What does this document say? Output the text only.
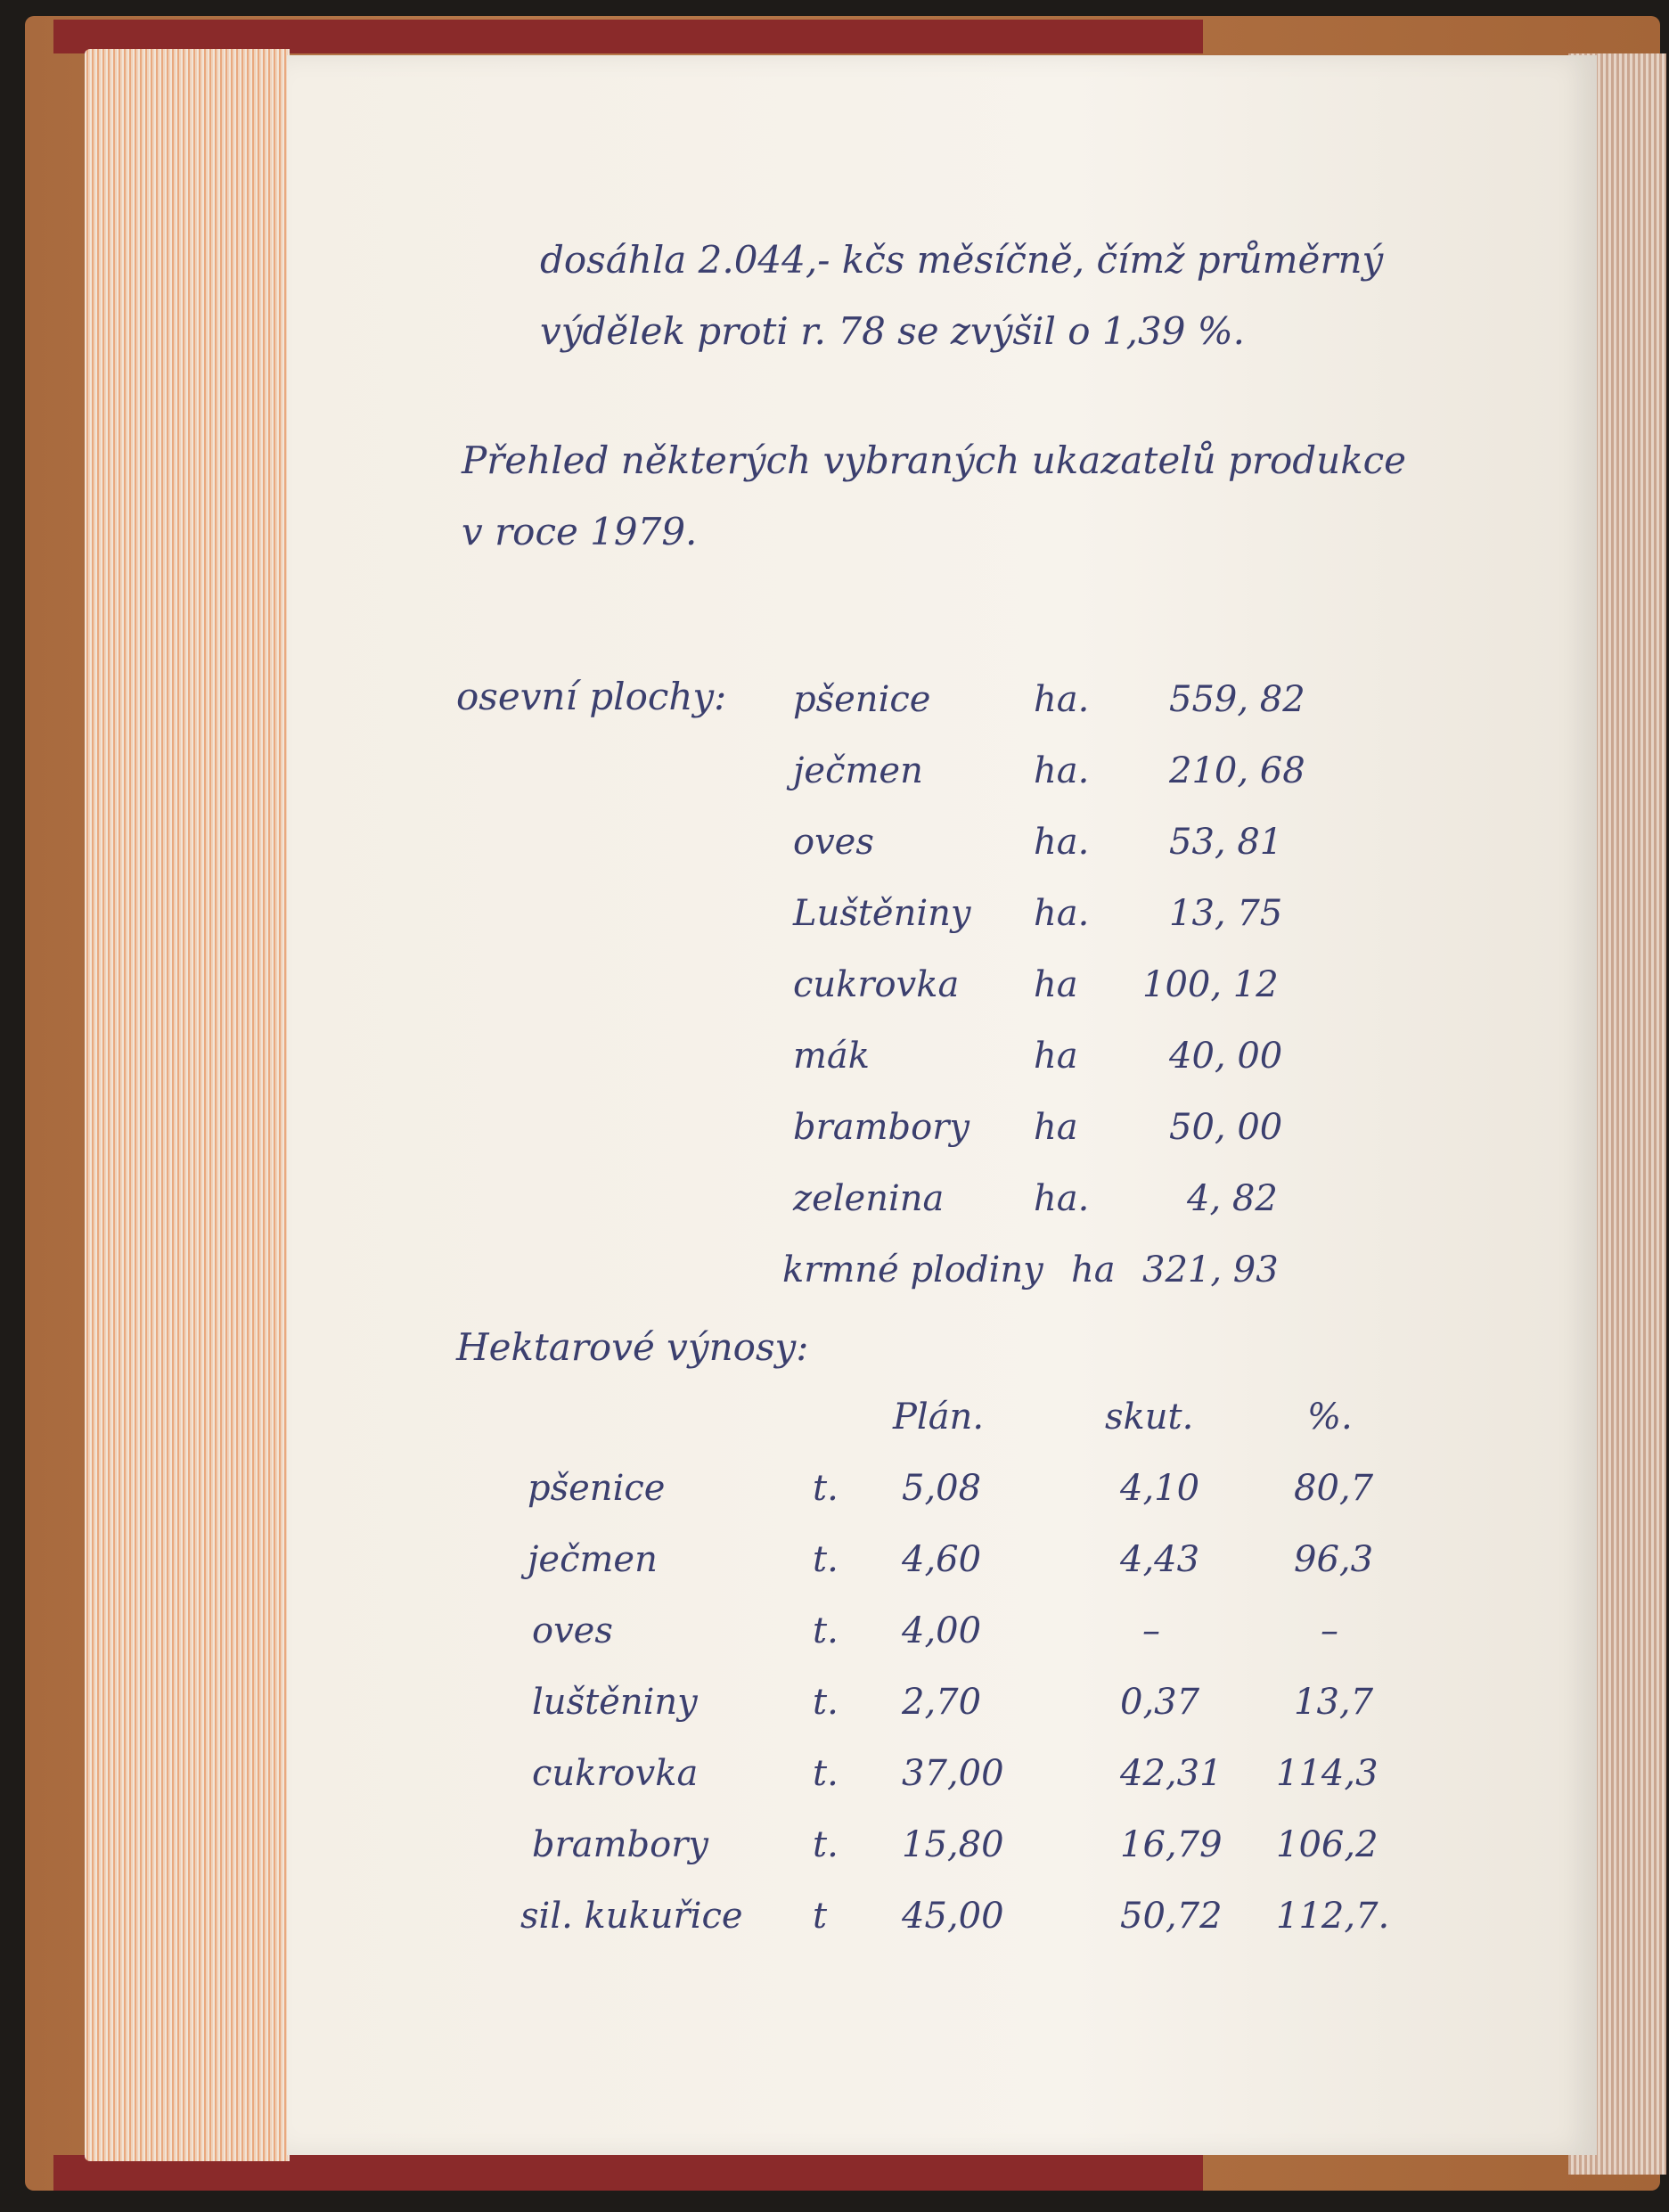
dosáhla 2.044,- kčs měsíčně, čímž průměrný
výdělek proti r. 78 se zvýšil o 1,39 %.
Přehled některých vybraných ukazatelů produkce
v roce 1979.
osevní plochy: pšenice	ha. 559, 82
ječmen	ha. 210, 68
oves	ha. 53, 81
Luštěniny ha. 13, 75
cukrovka ha 100, 12
mák	ha	40, 00
brambory ha	50, 00
zelenina	ha.	4, 82
krmné plodiny ha 321, 93
Hektarové výnosy:
Plán.	skut.	%.
pšenice	t. 5,08	4,10	80,7
ječmen	t. 4,60	4,43	96,3
oves	t. 4,00	–	–
luštěniny	t. 2,70	0,37	13,7
cukrovka	t. 37,00	42,31 114,3
brambory	t. 15,80	16,79 106,2
sil. kukuřice t 45,00	50,72 112,7.
